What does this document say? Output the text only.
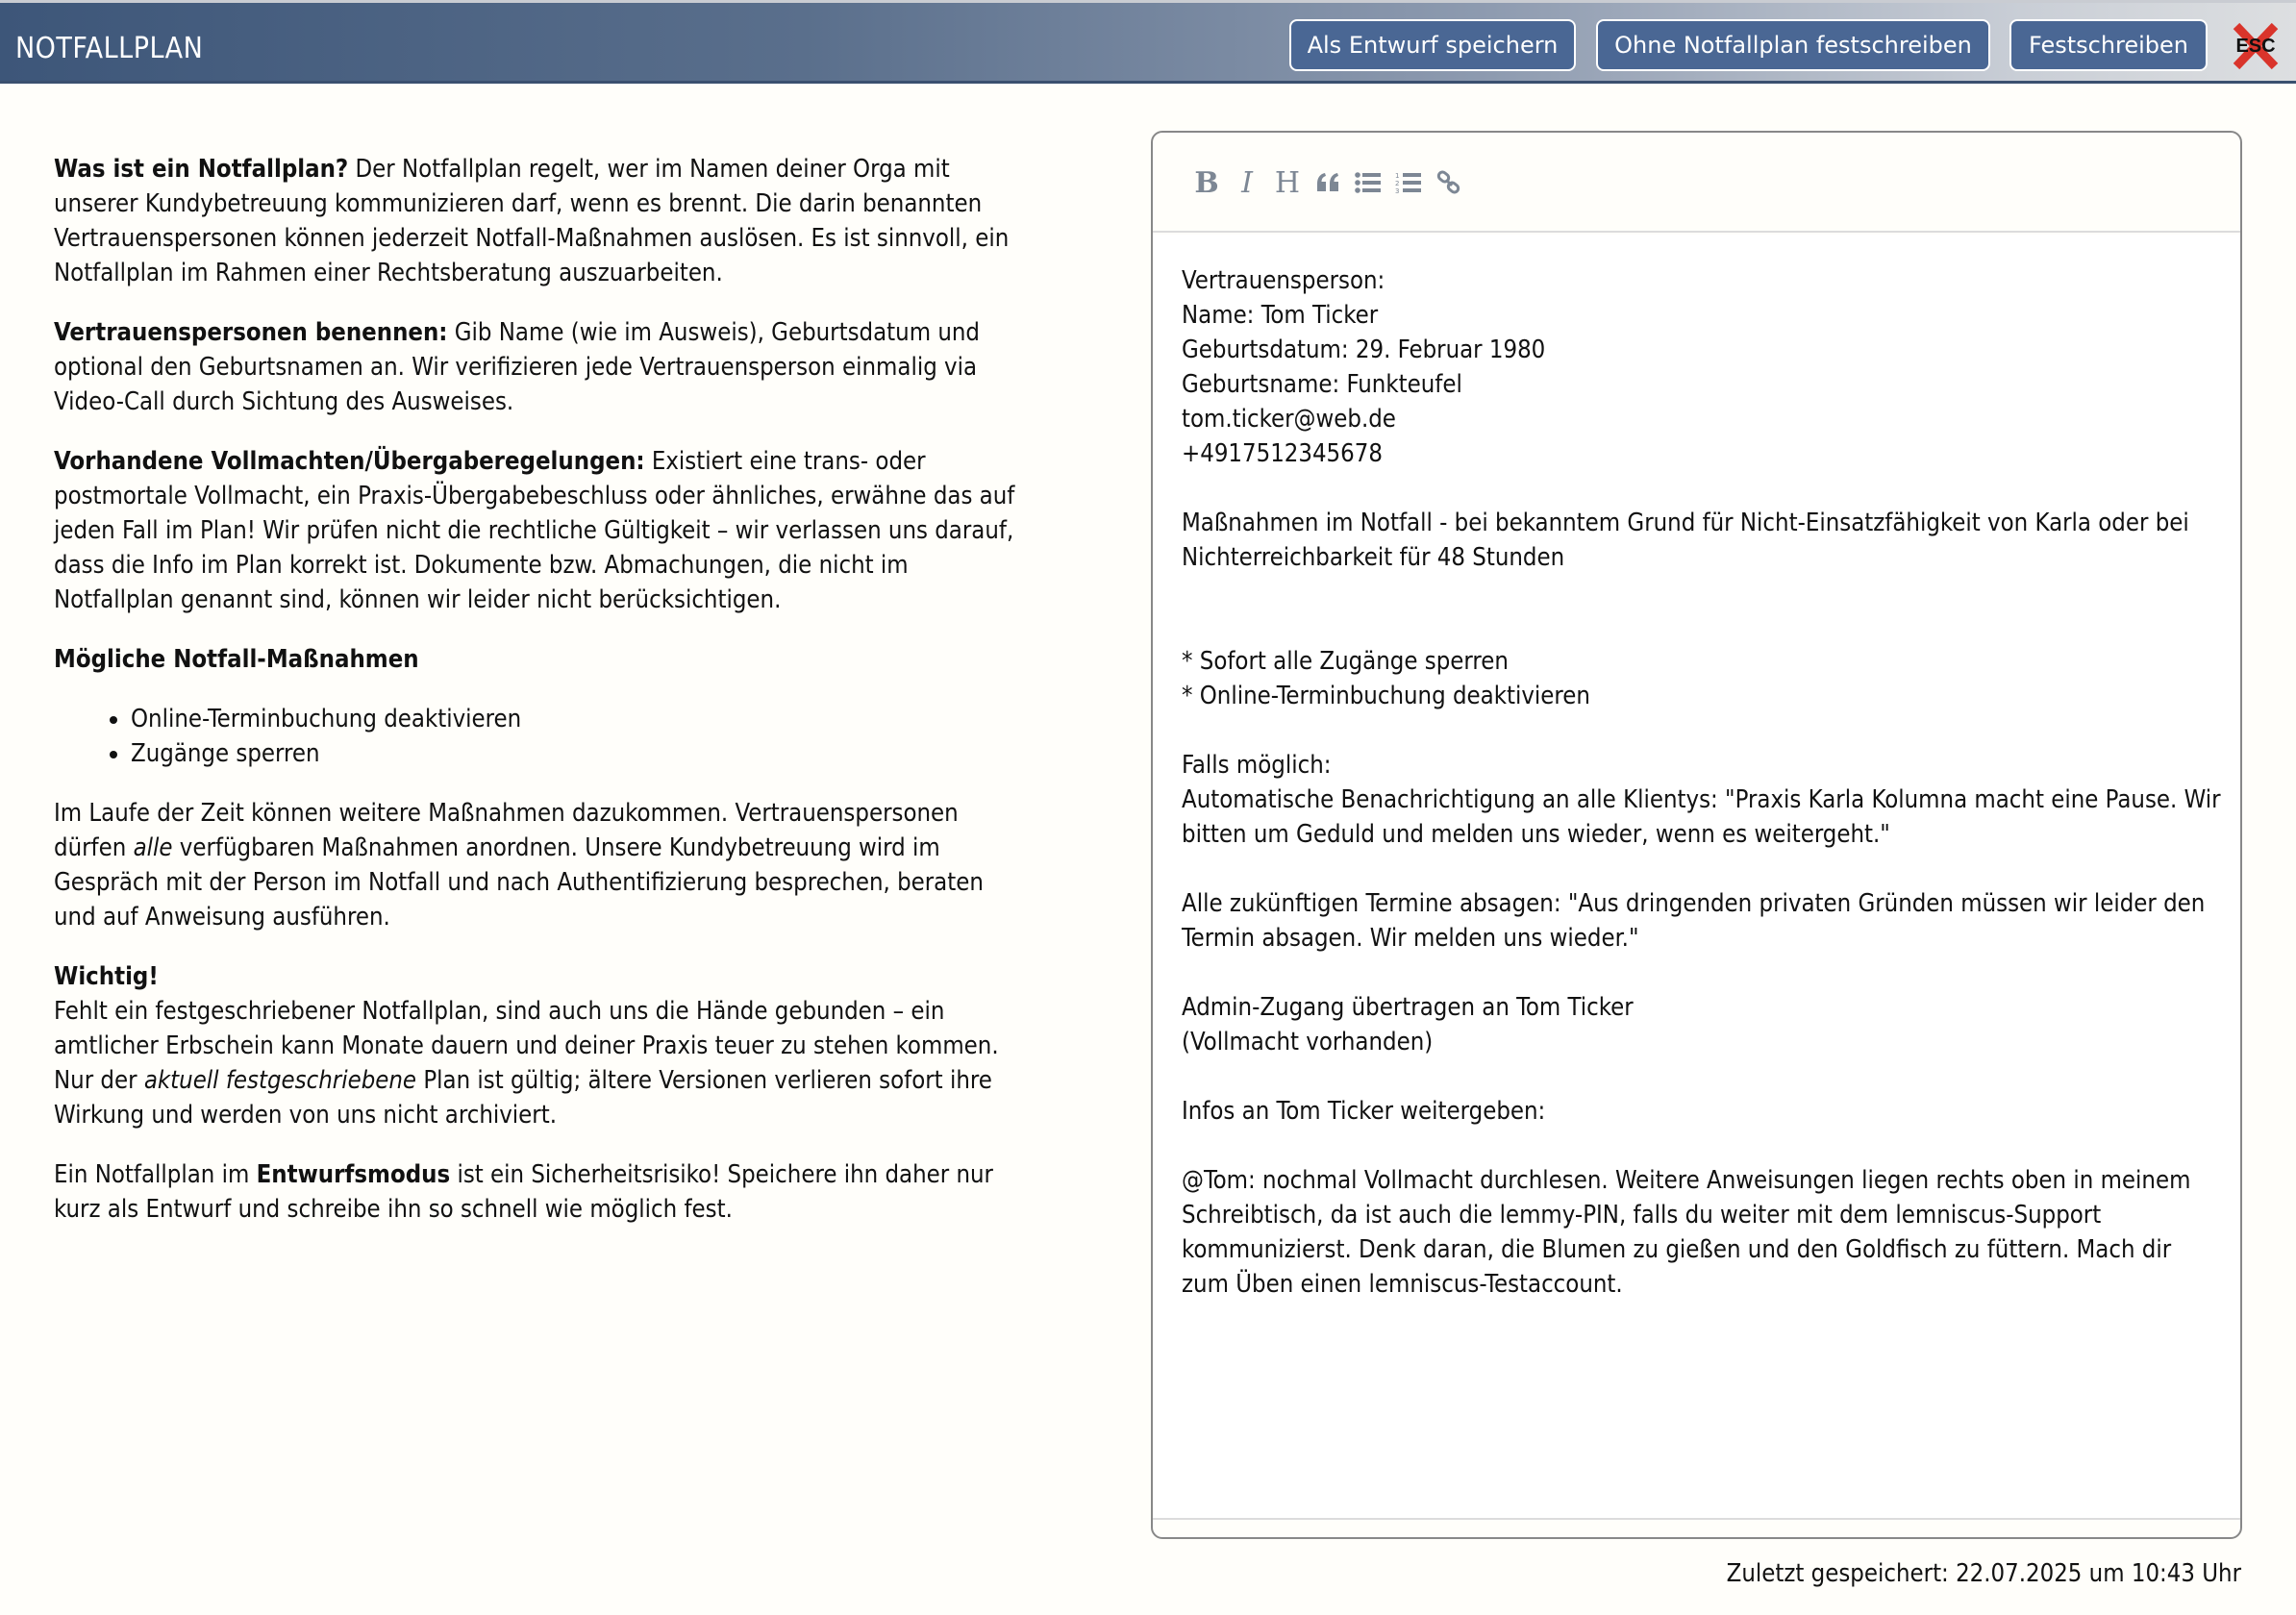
NOTFALLPLAN	Als Entwurf speichern	Ohne Notfallplan festschreiben	Festschreiben	ESC

Was ist ein Notfallplan? Der Notfallplan regelt, wer im Namen deiner Orga mit unserer Kundybetreuung kommunizieren darf, wenn es brennt. Die darin benannten Vertrauenspersonen können jederzeit Notfall-Maßnahmen auslösen. Es ist sinnvoll, ein Notfallplan im Rahmen einer Rechtsberatung auszuarbeiten.

Vertrauenspersonen benennen: Gib Name (wie im Ausweis), Geburtsdatum und optional den Geburtsnamen an. Wir verifizieren jede Vertrauensperson einmalig via Video-Call durch Sichtung des Ausweises.

Vorhandene Vollmachten/Übergaberegelungen: Existiert eine trans- oder postmortale Vollmacht, ein Praxis-Übergabebeschluss oder ähnliches, erwähne das auf jeden Fall im Plan! Wir prüfen nicht die rechtliche Gültigkeit – wir verlassen uns darauf, dass die Info im Plan korrekt ist. Dokumente bzw. Abmachungen, die nicht im Notfallplan genannt sind, können wir leider nicht berücksichtigen.

Mögliche Notfall-Maßnahmen

• Online-Terminbuchung deaktivieren
• Zugänge sperren

Im Laufe der Zeit können weitere Maßnahmen dazukommen. Vertrauenspersonen dürfen alle verfügbaren Maßnahmen anordnen. Unsere Kundybetreuung wird im Gespräch mit der Person im Notfall und nach Authentifizierung besprechen, beraten und auf Anweisung ausführen.

Wichtig!
Fehlt ein festgeschriebener Notfallplan, sind auch uns die Hände gebunden – ein amtlicher Erbschein kann Monate dauern und deiner Praxis teuer zu stehen kommen. Nur der aktuell festgeschriebene Plan ist gültig; ältere Versionen verlieren sofort ihre Wirkung und werden von uns nicht archiviert.

Ein Notfallplan im Entwurfsmodus ist ein Sicherheitsrisiko! Speichere ihn daher nur kurz als Entwurf und schreibe ihn so schnell wie möglich fest.

B I H	1
2
3
Vertrauensperson:
Name: Tom Ticker
Geburtsdatum: 29. Februar 1980
Geburtsname: Funkteufel
tom.ticker@web.de
+4917512345678

Maßnahmen im Notfall - bei bekanntem Grund für Nicht-Einsatzfähigkeit von Karla oder bei Nichterreichbarkeit für 48 Stunden

* Sofort alle Zugänge sperren
* Online-Terminbuchung deaktivieren

Falls möglich:
Automatische Benachrichtigung an alle Klientys: "Praxis Karla Kolumna macht eine Pause. Wir bitten um Geduld und melden uns wieder, wenn es weitergeht."

Alle zukünftigen Termine absagen: "Aus dringenden privaten Gründen müssen wir leider den Termin absagen. Wir melden uns wieder."

Admin-Zugang übertragen an Tom Ticker
(Vollmacht vorhanden)

Infos an Tom Ticker weitergeben:

@Tom: nochmal Vollmacht durchlesen. Weitere Anweisungen liegen rechts oben in meinem Schreibtisch, da ist auch die lemmy-PIN, falls du weiter mit dem lemniscus-Support kommunizierst. Denk daran, die Blumen zu gießen und den Goldfisch zu füttern. Mach dir zum Üben einen lemniscus-Testaccount.
Zuletzt gespeichert: 22.07.2025 um 10:43 Uhr
